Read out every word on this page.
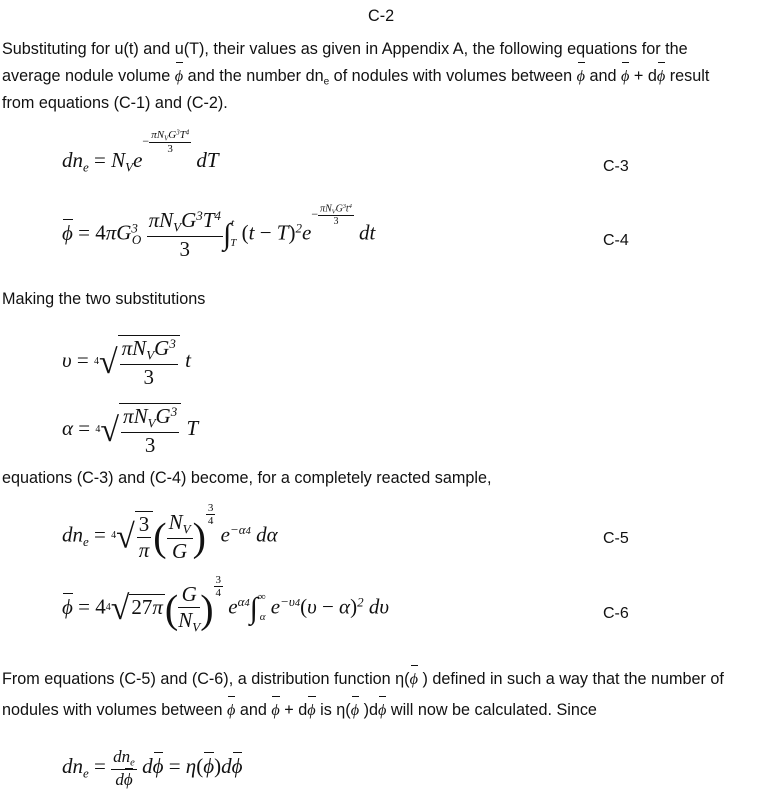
C-2
Substituting for u(t) and u(T), their values as given in Appendix A, the following equations for the
average nodule volume ϕ and the number $dn_e$ of nodules with volumes between ϕ and ϕ + dϕ result
from equations (C-1) and (C-2).
$dn_e = N_Ve^{- \frac{\pi N_VG^3T^4}{3}}$
dT	C-3
$\phi = 4\pi G^3_O \frac{\pi N_VG^3T^4}{3} \int^t_T$ $(t - T)^2e^{- \frac{\pi N_VG^3t^4}{3}}$
dt	C-4
Making the two substitutions
$\upsilon = 4√ \frac{\pi N_VG^3}{3}$ t
$\alpha = 4√ \frac{\pi N_VG^3}{3}$ T
equations (C-3) and (C-4) become, for a completely reacted sample,
$dn_e = 4√ \frac{3}{\pi}$ ( $\frac{N_V}{G}$ ) $\frac{3}{4}$
$e^{-\alpha 4}$ dα	C-5
$\phi = 44√27\pi( \frac{G}{N_V}$ ) $\frac{3}{4}$
$e^{\alpha 4}\int^\infty_\alpha$ $e^{-\upsilon 4}(\upsilon - \alpha)^2$ dυ	C-6
From equations (C-5) and (C-6), a distribution function η(ϕ ) defined in such a way that the number of
nodules with volumes between ϕ and ϕ + dϕ is η(ϕ )dϕ will now be calculated. Since
$dn_e = \frac{dn_e}{d\phi}$ dϕ = η(ϕ)dϕ
